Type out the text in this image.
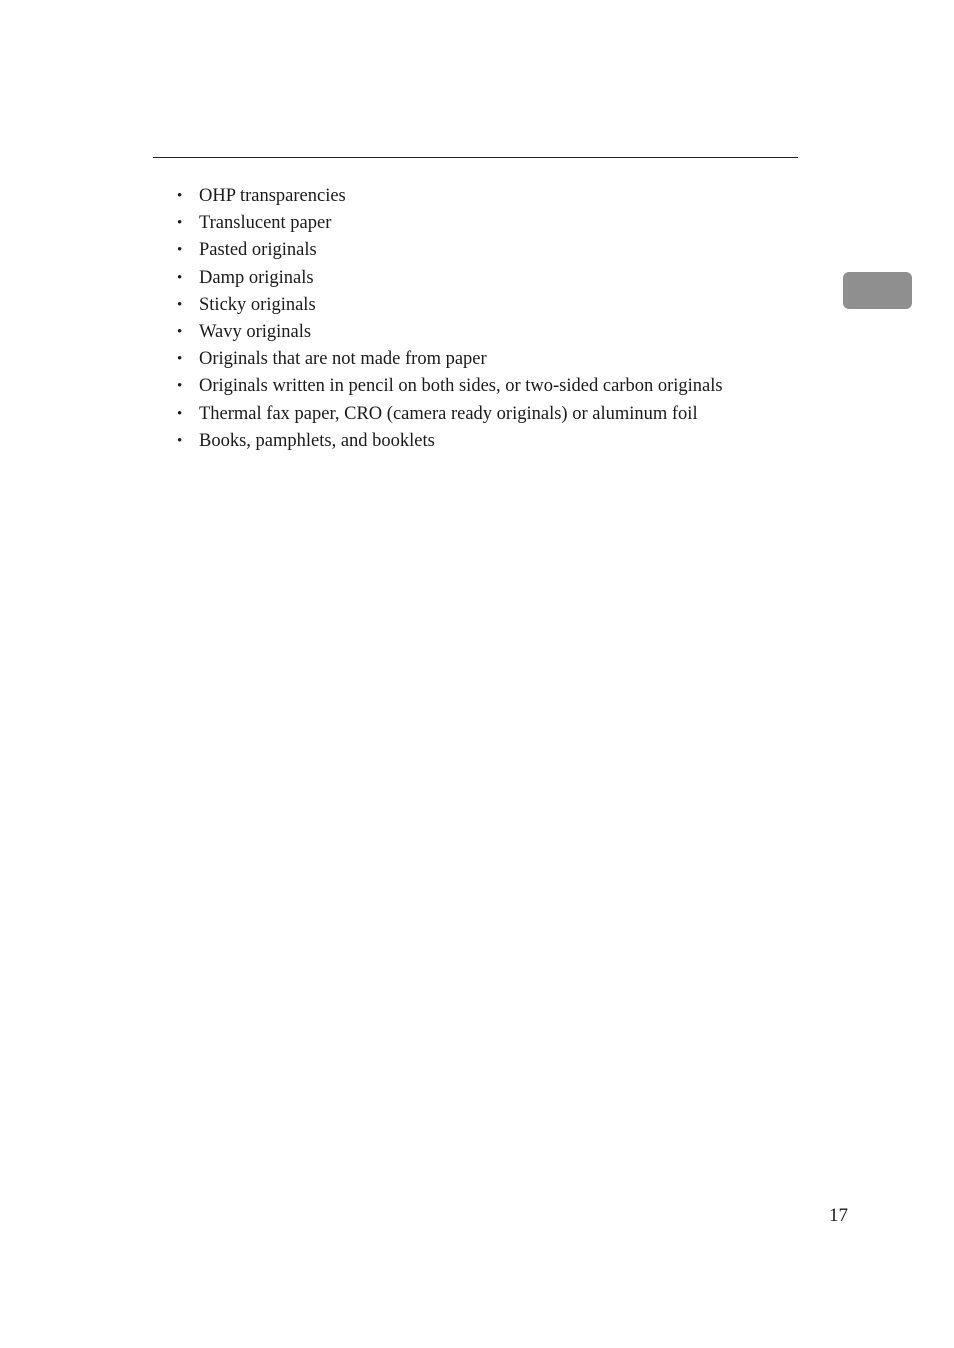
• OHP transparencies
• Translucent paper
• Pasted originals
• Damp originals
• Sticky originals
• Wavy originals
• Originals that are not made from paper
• Originals written in pencil on both sides, or two-sided carbon originals
• Thermal fax paper, CRO (camera ready originals) or aluminum foil
• Books, pamphlets, and booklets
17
